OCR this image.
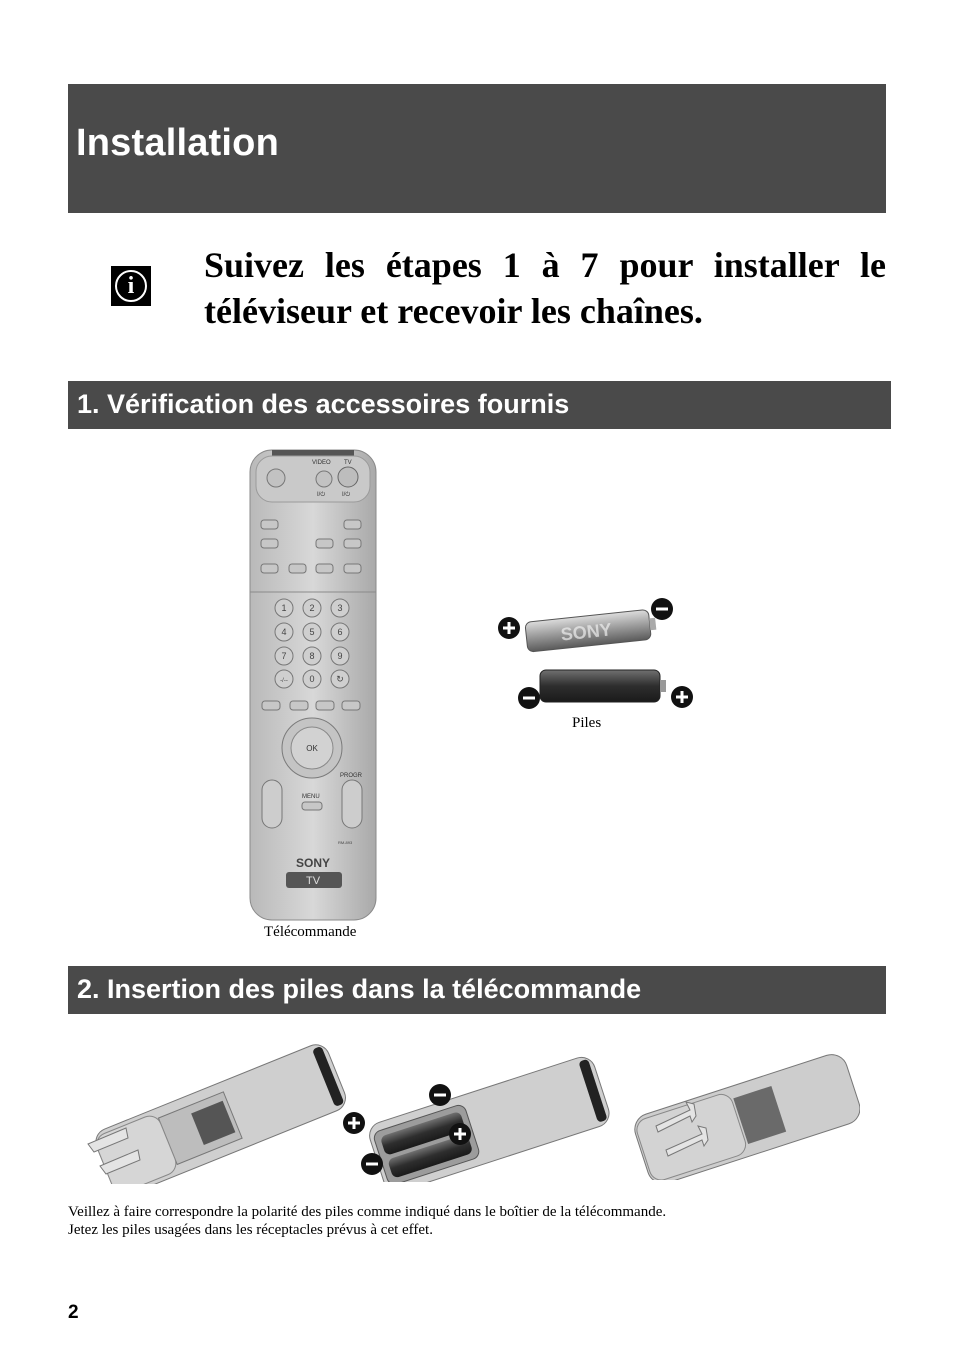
Installation
i

Suivez les étapes 1 à 7 pour installer le téléviseur et recevoir les chaînes.

1. Vérification des accessoires fournis
VIDEO TV
I/⏻	I/⏻
1	2	3
4	5	6
7	8	9
-/-- 0 ↻
OK
PROGR
MENU
RM-893
SONY
TV
Télécommande
SONY
Piles
2. Insertion des piles dans la télécommande

Veillez à faire correspondre la polarité des piles comme indiqué dans le boîtier de la télécommande.

Jetez les piles usagées dans les réceptacles prévus à cet effet.

2
